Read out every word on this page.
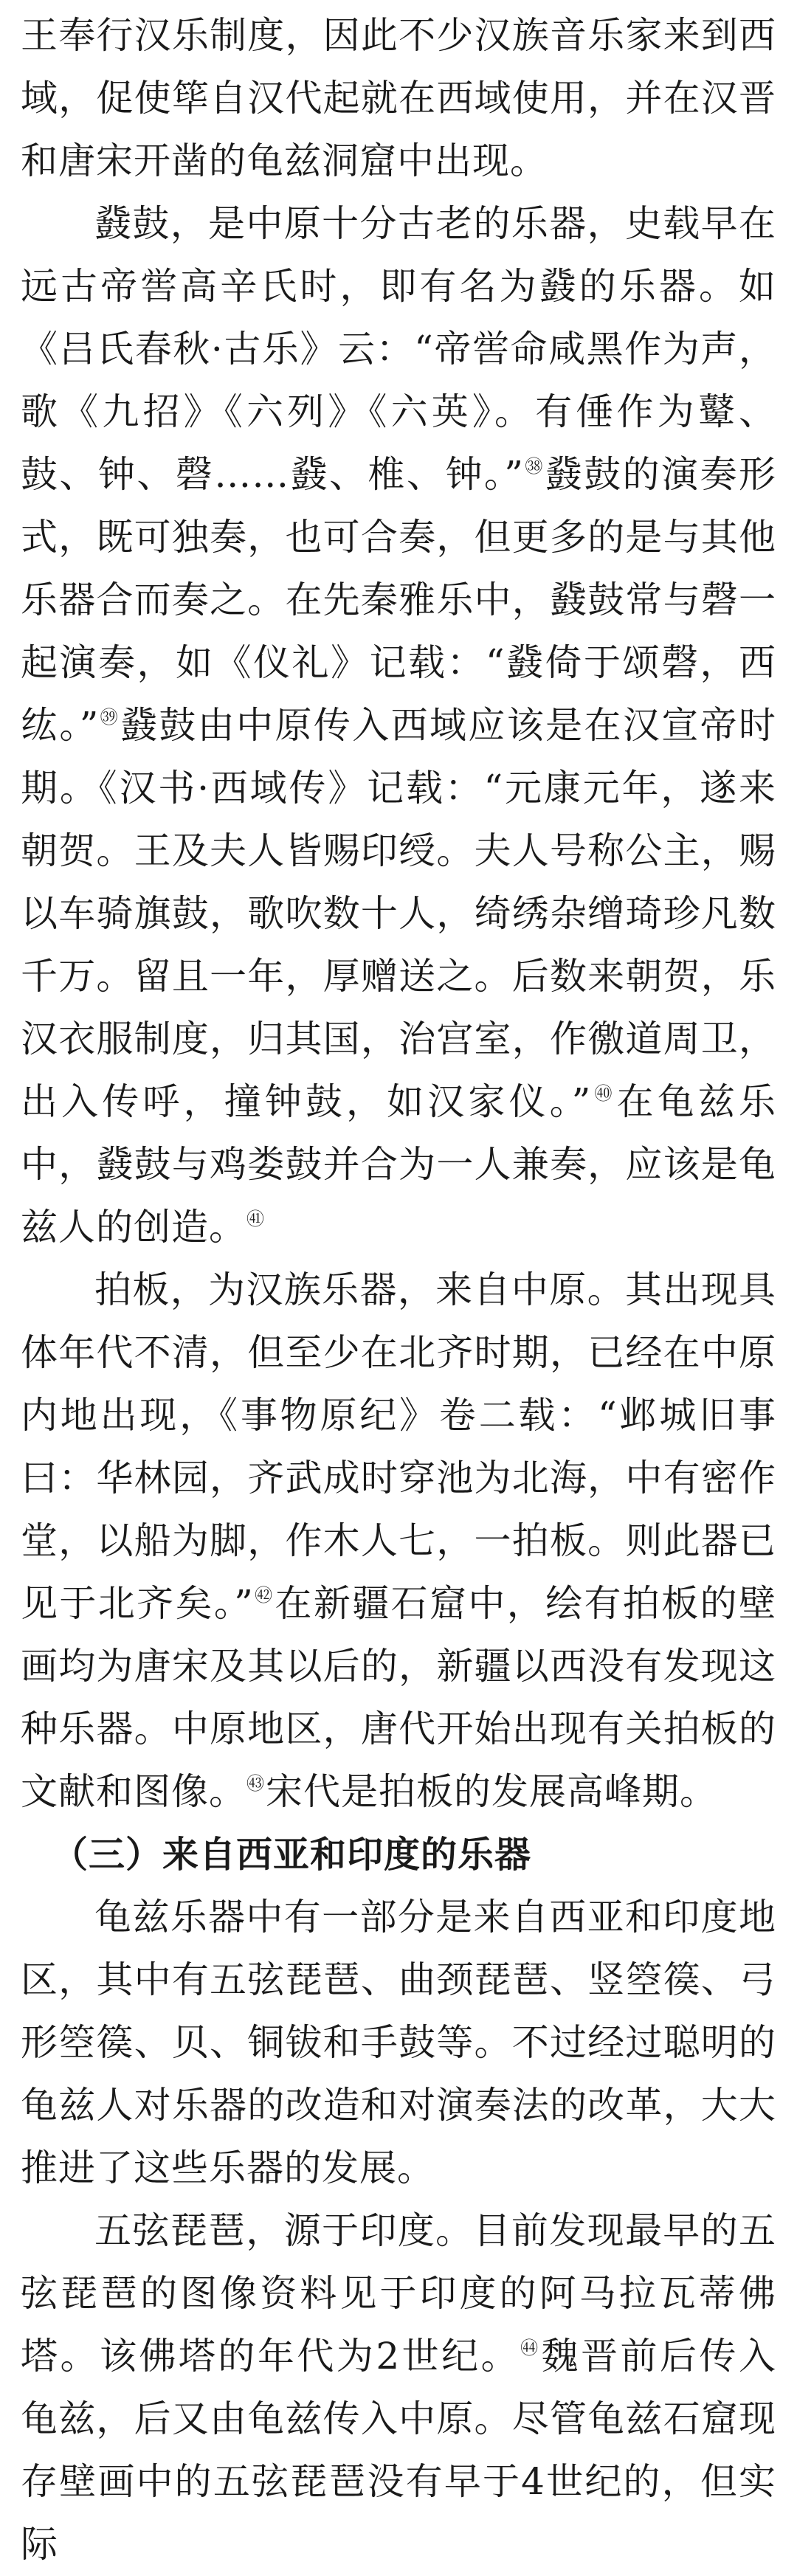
王奉行汉乐制度，因此不少汉族音乐家来到西域，促使筚自汉代起就在西域使用，并在汉晋和唐宋开凿的龟兹洞窟中出现。

鼗鼓，是中原十分古老的乐器，史载早在远古帝喾高辛氏时，即有名为鼗的乐器。如《吕氏春秋·古乐》云：“帝喾命咸黑作为声，歌《九招》《六列》《六英》。有倕作为鼙、鼓、钟、磬……鼗、椎、钟。”$^㊳$鼗鼓的演奏形式，既可独奏，也可合奏，但更多的是与其他乐器合而奏之。在先秦雅乐中，鼗鼓常与磬一起演奏，如《仪礼》记载：“鼗倚于颂磬，西纮。”$^㊴$鼗鼓由中原传入西域应该是在汉宣帝时期。《汉书·西域传》记载：“元康元年，遂来朝贺。王及夫人皆赐印绶。夫人号称公主，赐以车骑旗鼓，歌吹数十人，绮绣杂缯琦珍凡数千万。留且一年，厚赠送之。后数来朝贺，乐汉衣服制度，归其国，治宫室，作徼道周卫，出入传呼，撞钟鼓，如汉家仪。”$^㊵$在龟兹乐中，鼗鼓与鸡娄鼓并合为一人兼奏，应该是龟兹人的创造。$^㊶$

拍板，为汉族乐器，来自中原。其出现具体年代不清，但至少在北齐时期，已经在中原内地出现，《事物原纪》卷二载：“邺城旧事曰：华林园，齐武成时穿池为北海，中有密作堂，以船为脚，作木人七，一拍板。则此器已见于北齐矣。”$^㊷$在新疆石窟中，绘有拍板的壁画均为唐宋及其以后的，新疆以西没有发现这种乐器。中原地区，唐代开始出现有关拍板的文献和图像。$^㊸$宋代是拍板的发展高峰期。

（三）来自西亚和印度的乐器

龟兹乐器中有一部分是来自西亚和印度地区，其中有五弦琵琶、曲颈琵琶、竖箜篌、弓形箜篌、贝、铜钹和手鼓等。不过经过聪明的龟兹人对乐器的改造和对演奏法的改革，大大推进了这些乐器的发展。

五弦琵琶，源于印度。目前发现最早的五弦琵琶的图像资料见于印度的阿马拉瓦蒂佛塔。该佛塔的年代为2世纪。$^㊹$魏晋前后传入龟兹，后又由龟兹传入中原。尽管龟兹石窟现存壁画中的五弦琵琶没有早于4世纪的，但实际
